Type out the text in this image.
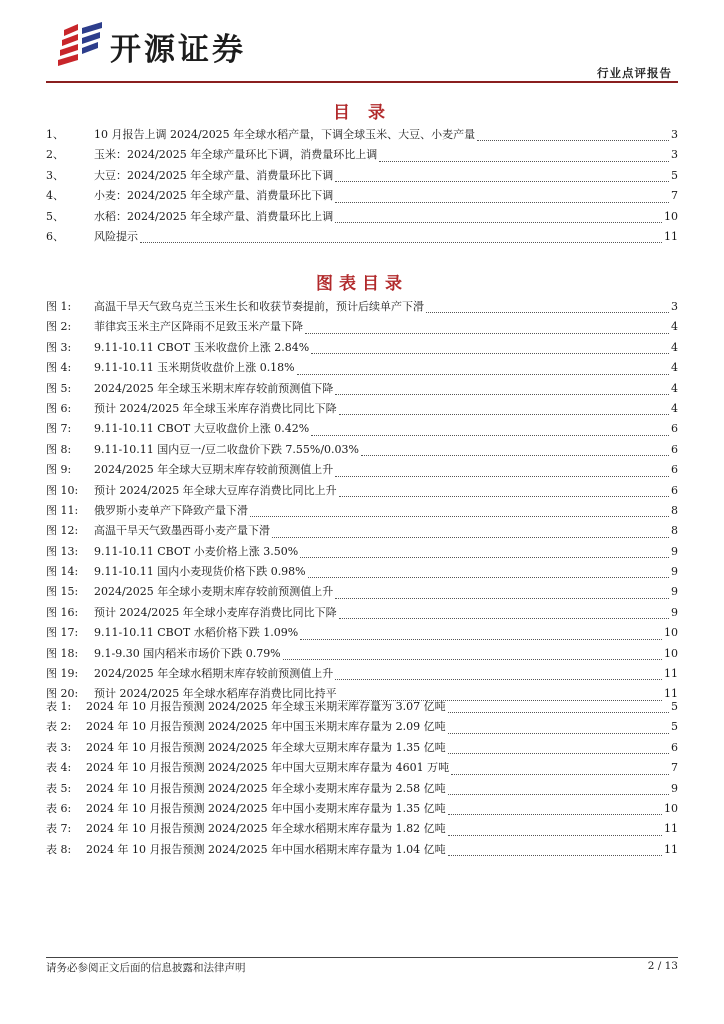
开源证券
行业点评报告
目 录
1、	10 月报告上调 2024/2025 年全球水稻产量，下调全球玉米、大豆、小麦产量	3
2、	玉米：2024/2025 年全球产量环比下调，消费量环比上调	3
3、	大豆：2024/2025 年全球产量、消费量环比下调	5
4、	小麦：2024/2025 年全球产量、消费量环比下调	7
5、	水稻：2024/2025 年全球产量、消费量环比上调	10
6、	风险提示	11
图表目录
图 1:	高温干旱天气致乌克兰玉米生长和收获节奏提前，预计后续单产下滑	3
图 2:	菲律宾玉米主产区降雨不足致玉米产量下降	4
图 3:	9.11-10.11 CBOT 玉米收盘价上涨 2.84%	4
图 4:	9.11-10.11 玉米期货收盘价上涨 0.18%	4
图 5:	2024/2025 年全球玉米期末库存较前预测值下降	4
图 6:	预计 2024/2025 年全球玉米库存消费比同比下降	4
图 7:	9.11-10.11 CBOT 大豆收盘价上涨 0.42%	6
图 8:	9.11-10.11 国内豆一/豆二收盘价下跌 7.55%/0.03%	6
图 9:	2024/2025 年全球大豆期末库存较前预测值上升	6
图 10:	预计 2024/2025 年全球大豆库存消费比同比上升	6
图 11:	俄罗斯小麦单产下降致产量下滑	8
图 12:	高温干旱天气致墨西哥小麦产量下滑	8
图 13:	9.11-10.11 CBOT 小麦价格上涨 3.50%	9
图 14:	9.11-10.11 国内小麦现货价格下跌 0.98%	9
图 15:	2024/2025 年全球小麦期末库存较前预测值上升	9
图 16:	预计 2024/2025 年全球小麦库存消费比同比下降	9
图 17:	9.11-10.11 CBOT 水稻价格下跌 1.09%	10
图 18:	9.1-9.30 国内稻米市场价下跌 0.79%	10
图 19:	2024/2025 年全球水稻期末库存较前预测值上升	11
图 20:	预计 2024/2025 年全球水稻库存消费比同比持平	11
表 1:	2024 年 10 月报告预测 2024/2025 年全球玉米期末库存量为 3.07 亿吨	5
表 2:	2024 年 10 月报告预测 2024/2025 年中国玉米期末库存量为 2.09 亿吨	5
表 3:	2024 年 10 月报告预测 2024/2025 年全球大豆期末库存量为 1.35 亿吨	6
表 4:	2024 年 10 月报告预测 2024/2025 年中国大豆期末库存量为 4601 万吨	7
表 5:	2024 年 10 月报告预测 2024/2025 年全球小麦期末库存量为 2.58 亿吨	9
表 6:	2024 年 10 月报告预测 2024/2025 年中国小麦期末库存量为 1.35 亿吨	10
表 7:	2024 年 10 月报告预测 2024/2025 年全球水稻期末库存量为 1.82 亿吨	11
表 8:	2024 年 10 月报告预测 2024/2025 年中国水稻期末库存量为 1.04 亿吨	11
请务必参阅正文后面的信息披露和法律声明	2 / 13
